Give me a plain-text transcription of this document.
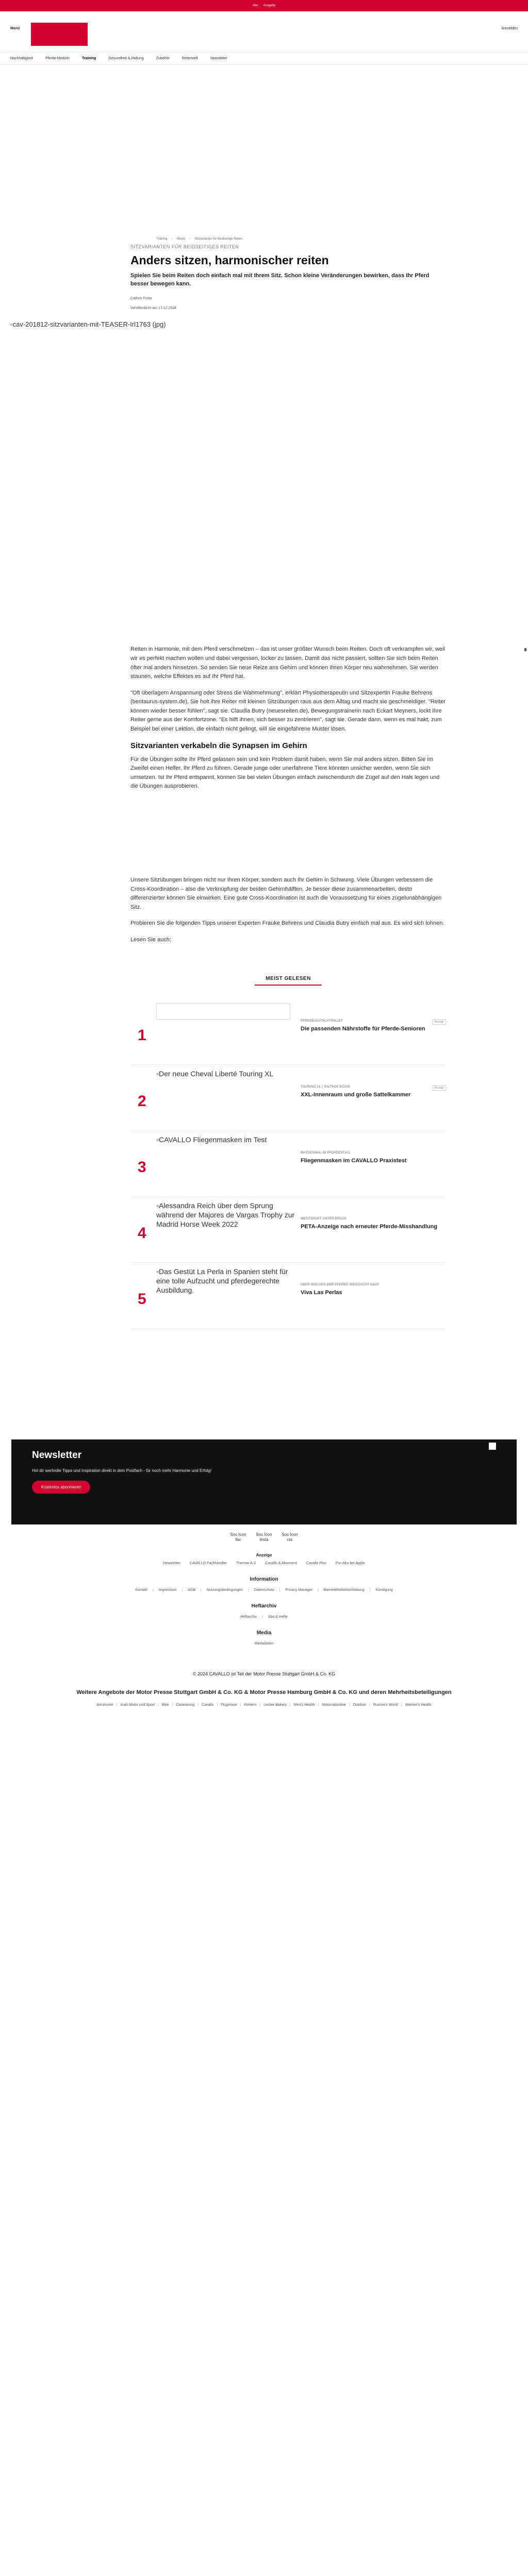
Abo Ausgabe
Menü	Anmelden
Nachhaltigkeit	Pferde-Medizin	Training	Gesundheit & Haltung	Zubehör	Reiterwelt	Newsletter
Training › Sitzen › Sitzvarianten für Beidseitige Reiten
SITZVARIANTEN FÜR BEIDSEITIGES REITEN
Anders sitzen, harmonischer reiten

Spielen Sie beim Reiten doch einfach mal mit Ihrem Sitz. Schon kleine Veränderungen bewirken, dass Ihr Pferd besser bewegen kann.

Cathrin Finke
Veröffentlicht am 17.12.2024
▫ cav-201812-sitzvarianten-mit-TEASER-Irl1763 (jpg)

Reiten in Harmonie, mit dem Pferd verschmelzen – das ist unser größter Wunsch beim Reiten. Doch oft verkrampfen wir, weil wir es perfekt machen wollen und dabei vergessen, locker zu lassen. Damit das nicht passiert, sollten Sie sich beim Reiten öfter mal anders hinsetzen. So senden Sie neue Reize ans Gehirn und können Ihren Körper neu wahrnehmen. Sie werden staunen, welche Effektes es auf Ihr Pferd hat.

"Oft überlagern Anspannung oder Stress die Wahrnehmung", erklärt Physiotherapeutin und Sitzexpertin Frauke Behrens (bentaurus-system.de). Sie holt ihre Reiter mit kleinen Sitzübungen raus aus dem Alltag und macht sie geschmeidiger. "Reiter können wieder besser fühlen", sagt sie. Claudia Butry (neuesreiten.de), Bewegungstrainerin nach Eckart Meyners, lockt ihre Reiter gerne aus der Komfortzone. "Es hilft ihnen, sich besser zu zentrieren", sagt sie. Gerade dann, wenn es mal hakt, zum Beispiel bei einer Lektion, die einfach nicht gelingt, will sie eingefahrene Muster lösen.

Sitzvarianten verkabeln die Synapsen im Gehirn

Für die Übungen sollte Ihr Pferd gelassen sein und kein Problem damit haben, wenn Sie mal anders sitzen. Bitten Sie im Zweifel einen Helfer, Ihr Pferd zu führen. Gerade junge oder unerfahrene Tiere könnten unsicher werden, wenn Sie sich umsetzen. Ist Ihr Pferd entspannt, können Sie bei vielen Übungen einfach zwischendurch die Zügel auf den Hals legen und die Übungen ausprobieren.

Unsere Sitzübungen bringen nicht nur Ihren Körper, sondern auch Ihr Gehirn in Schwung. Viele Übungen verbessern die Cross-Koordination – also die Verknüpfung der beiden Gehirnhälften. Je besser diese zusammenarbeiten, desto differenzierter können Sie einwirken. Eine gute Cross-Koordination ist auch die Voraussetzung für eines zügelunabhängigen Sitz.

Probieren Sie die folgenden Tipps unserer Experten Frauke Behrens und Claudia Butry einfach mal aus. Es wird sich lohnen.

Lesen Sie auch:

MEIST GELESEN
1
PFERDE-GUTACHTERLIST
Die passenden Nährstoffe für Pferde-Senioren
Anzeige
2
▫Der neue Cheval Liberté Touring XL
TOURING XL | SALTACK ROOM
XXL-Innenraum und große Sattelkammer
Anzeige
3
▫CAVALLO Fliegenmasken im Test
MASSENMAL IM PFERDESTALL
Fliegenmasken im CAVALLO Praxistest
4
▫Alessandra Reich über dem Sprung während der Majores de Vargas Trophy zur Madrid Horse Week 2022
WESTSPORT UNTER DRUCK
PETA-Anzeige nach erneuter Pferde-Misshandlung
5
▫Das Gestüt La Perla in Spanien steht für eine tolle Aufzucht und pferdegerechte Ausbildung.
ÜBER WOCHEN DER PFERDE WEIDZUCHT-KAUF
Viva Las Perlas
Newsletter

Hol dir wertvolle Tipps und Inspiration direkt in dein Postfach - für noch mehr Harmonie und Erfolg!

Kostenlos abonnieren
Soc Icon fac
Soc Icon Insta
Soc Icon rss
Anzeige
Newsletter	CAVALLO Fachhändler	Themen A-Z	Cavallo & Abonnent	Cavallo Plus	Pur-Abo bei Apple
Information
Kontakt | Impressum | AGB | Nutzungsbedingungen | Datenschutz | Privacy Manager | Barrierefreiheitserklärung | Kündigung
Heftarchiv
Heftarchiv | Abo & Hefte
Media
Mediadaten
© 2024 CAVALLO ist Teil der Motor Presse Stuttgart GmbH & Co. KG
Weitere Angebote der Motor Presse Stuttgart GmbH & Co. KG & Motor Presse Hamburg GmbH & Co. KG und deren Mehrheitsbeteiligungen
Aerokurier | Auto Motor und Sport | Bike | Caravaning | Cavallo | Flugrevue | Klettern | Lecker Bakery | Men's Health | Motorradonline | Outdoor | Runner's World | Women's Health
